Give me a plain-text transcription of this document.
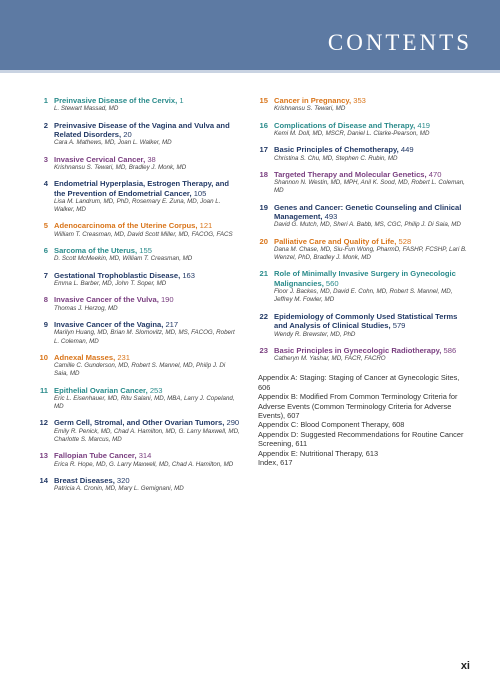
CONTENTS
1 Preinvasive Disease of the Cervix, 1
L. Stewart Massad, MD
2 Preinvasive Disease of the Vagina and Vulva and Related Disorders, 20
Cara A. Mathews, MD, Joan L. Walker, MD
3 Invasive Cervical Cancer, 38
Krishnansu S. Tewari, MD, Bradley J. Monk, MD
4 Endometrial Hyperplasia, Estrogen Therapy, and the Prevention of Endometrial Cancer, 105
Lisa M. Landrum, MD, PhD, Rosemary E. Zuna, MD, Joan L. Walker, MD
5 Adenocarcinoma of the Uterine Corpus, 121
William T. Creasman, MD, David Scott Miller, MD, FACOG, FACS
6 Sarcoma of the Uterus, 155
D. Scott McMeekin, MD, William T. Creasman, MD
7 Gestational Trophoblastic Disease, 163
Emma L. Barber, MD, John T. Soper, MD
8 Invasive Cancer of the Vulva, 190
Thomas J. Herzog, MD
9 Invasive Cancer of the Vagina, 217
Marilyn Huang, MD, Brian M. Slomovitz, MD, MS, FACOG, Robert L. Coleman, MD
10 Adnexal Masses, 231
Camille C. Gunderson, MD, Robert S. Mannel, MD, Philip J. Di Saia, MD
11 Epithelial Ovarian Cancer, 253
Eric L. Eisenhauer, MD, Ritu Salani, MD, MBA, Larry J. Copeland, MD
12 Germ Cell, Stromal, and Other Ovarian Tumors, 290
Emily R. Penick, MD, Chad A. Hamilton, MD, G. Larry Maxwell, MD, Charlotte S. Marcus, MD
13 Fallopian Tube Cancer, 314
Erica R. Hope, MD, G. Larry Maxwell, MD, Chad A. Hamilton, MD
14 Breast Diseases, 320
Patricia A. Cronin, MD, Mary L. Gemignani, MD
15 Cancer in Pregnancy, 353
Krishnansu S. Tewari, MD
16 Complications of Disease and Therapy, 419
Kemi M. Doll, MD, MSCR, Daniel L. Clarke-Pearson, MD
17 Basic Principles of Chemotherapy, 449
Christina S. Chu, MD, Stephen C. Rubin, MD
18 Targeted Therapy and Molecular Genetics, 470
Shannon N. Westin, MD, MPH, Anil K. Sood, MD, Robert L. Coleman, MD
19 Genes and Cancer: Genetic Counseling and Clinical Management, 493
David G. Mutch, MD, Sheri A. Babb, MS, CGC, Philip J. Di Saia, MD
20 Palliative Care and Quality of Life, 528
Dana M. Chase, MD, Siu-Fun Wong, PharmD, FASHP, FCSHP, Lari B. Wenzel, PhD, Bradley J. Monk, MD
21 Role of Minimally Invasive Surgery in Gynecologic Malignancies, 560
Floor J. Backes, MD, David E. Cohn, MD, Robert S. Mannel, MD, Jeffrey M. Fowler, MD
22 Epidemiology of Commonly Used Statistical Terms and Analysis of Clinical Studies, 579
Wendy R. Brewster, MD, PhD
23 Basic Principles in Gynecologic Radiotherapy, 586
Catheryn M. Yashar, MD, FACR, FACRO
Appendix A: Staging: Staging of Cancer at Gynecologic Sites, 606
Appendix B: Modified From Common Terminology Criteria for Adverse Events (Common Terminology Criteria for Adverse Events), 607
Appendix C: Blood Component Therapy, 608
Appendix D: Suggested Recommendations for Routine Cancer Screening, 611
Appendix E: Nutritional Therapy, 613
Index, 617
xi
